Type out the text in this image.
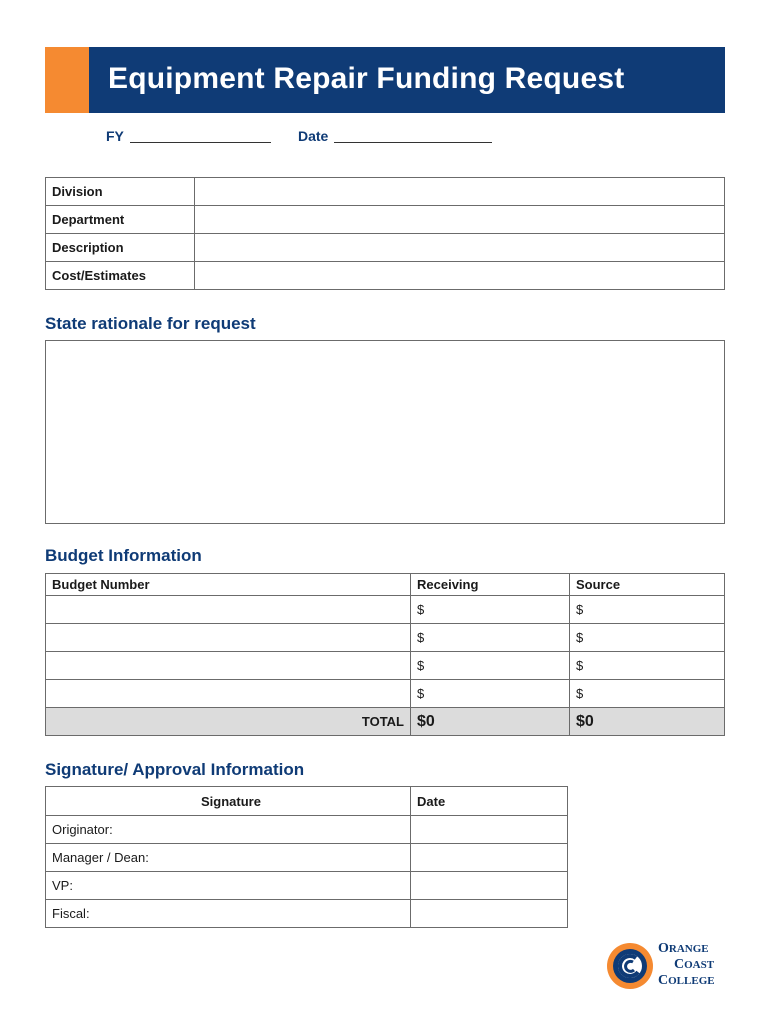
Equipment Repair Funding Request
FY	Date
Division	
Department	
Description	
Cost/Estimates	
State rationale for request
Budget Information
Budget Number	Receiving	Source
	$	$
	$	$
	$	$
	$	$
TOTAL	$0	$0
Signature/ Approval Information
Signature	Date
Originator:	
Manager / Dean:	
VP:	
Fiscal:	
ORANGE
COAST
COLLEGE
